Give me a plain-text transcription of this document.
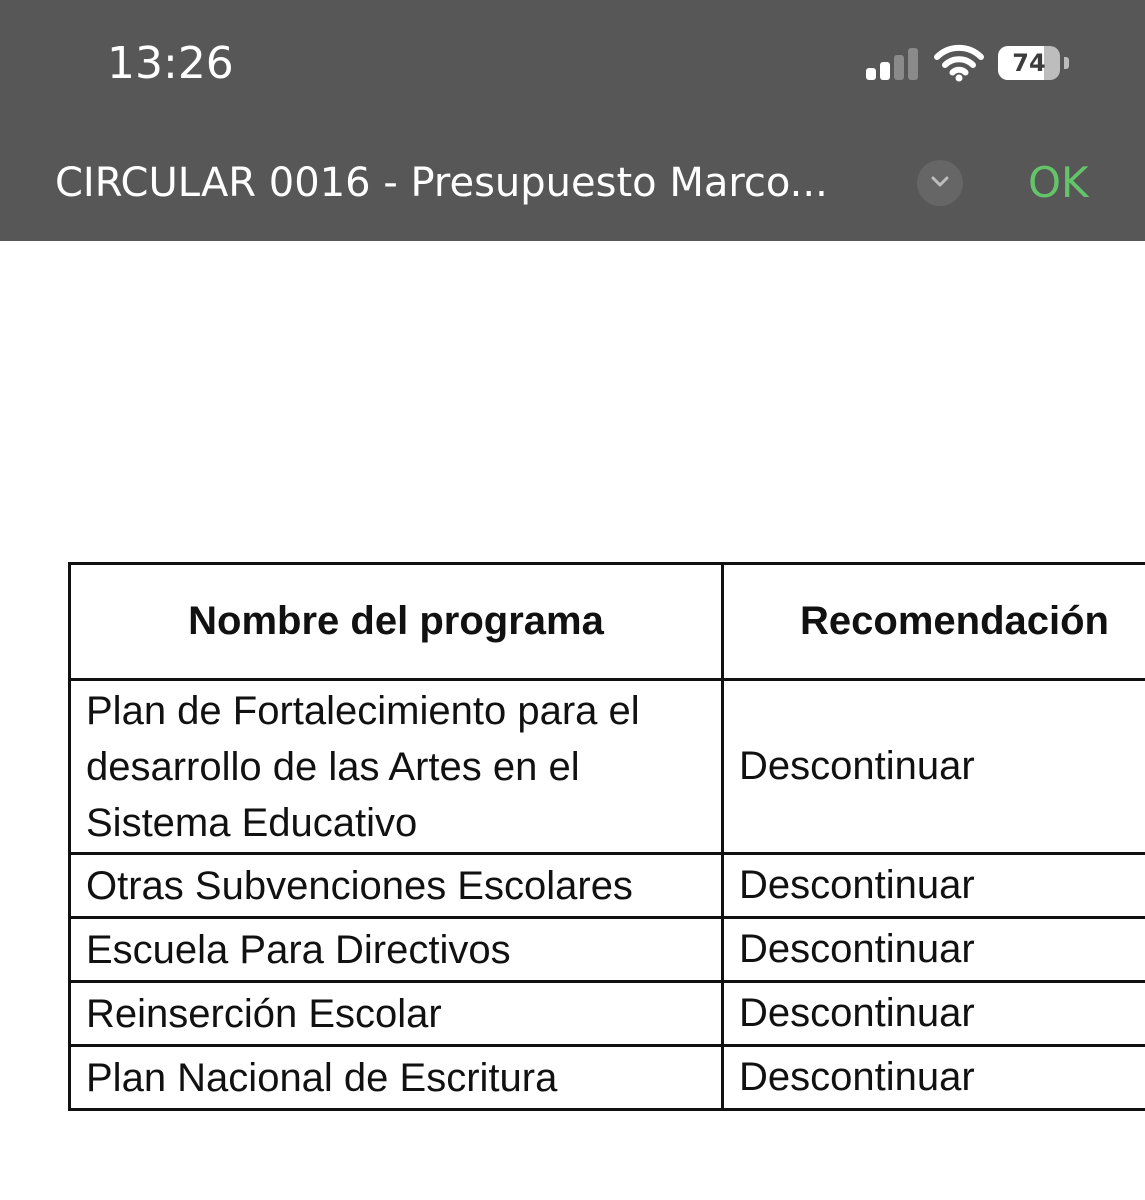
13:26	74
CIRCULAR 0016 - Presupuesto Marco...	OK
Nombre del programa	Recomendación
Plan de Fortalecimiento para el desarrollo de las Artes en el Sistema Educativo	Descontinuar
Otras Subvenciones Escolares	Descontinuar
Escuela Para Directivos	Descontinuar
Reinserción Escolar	Descontinuar
Plan Nacional de Escritura	Descontinuar
